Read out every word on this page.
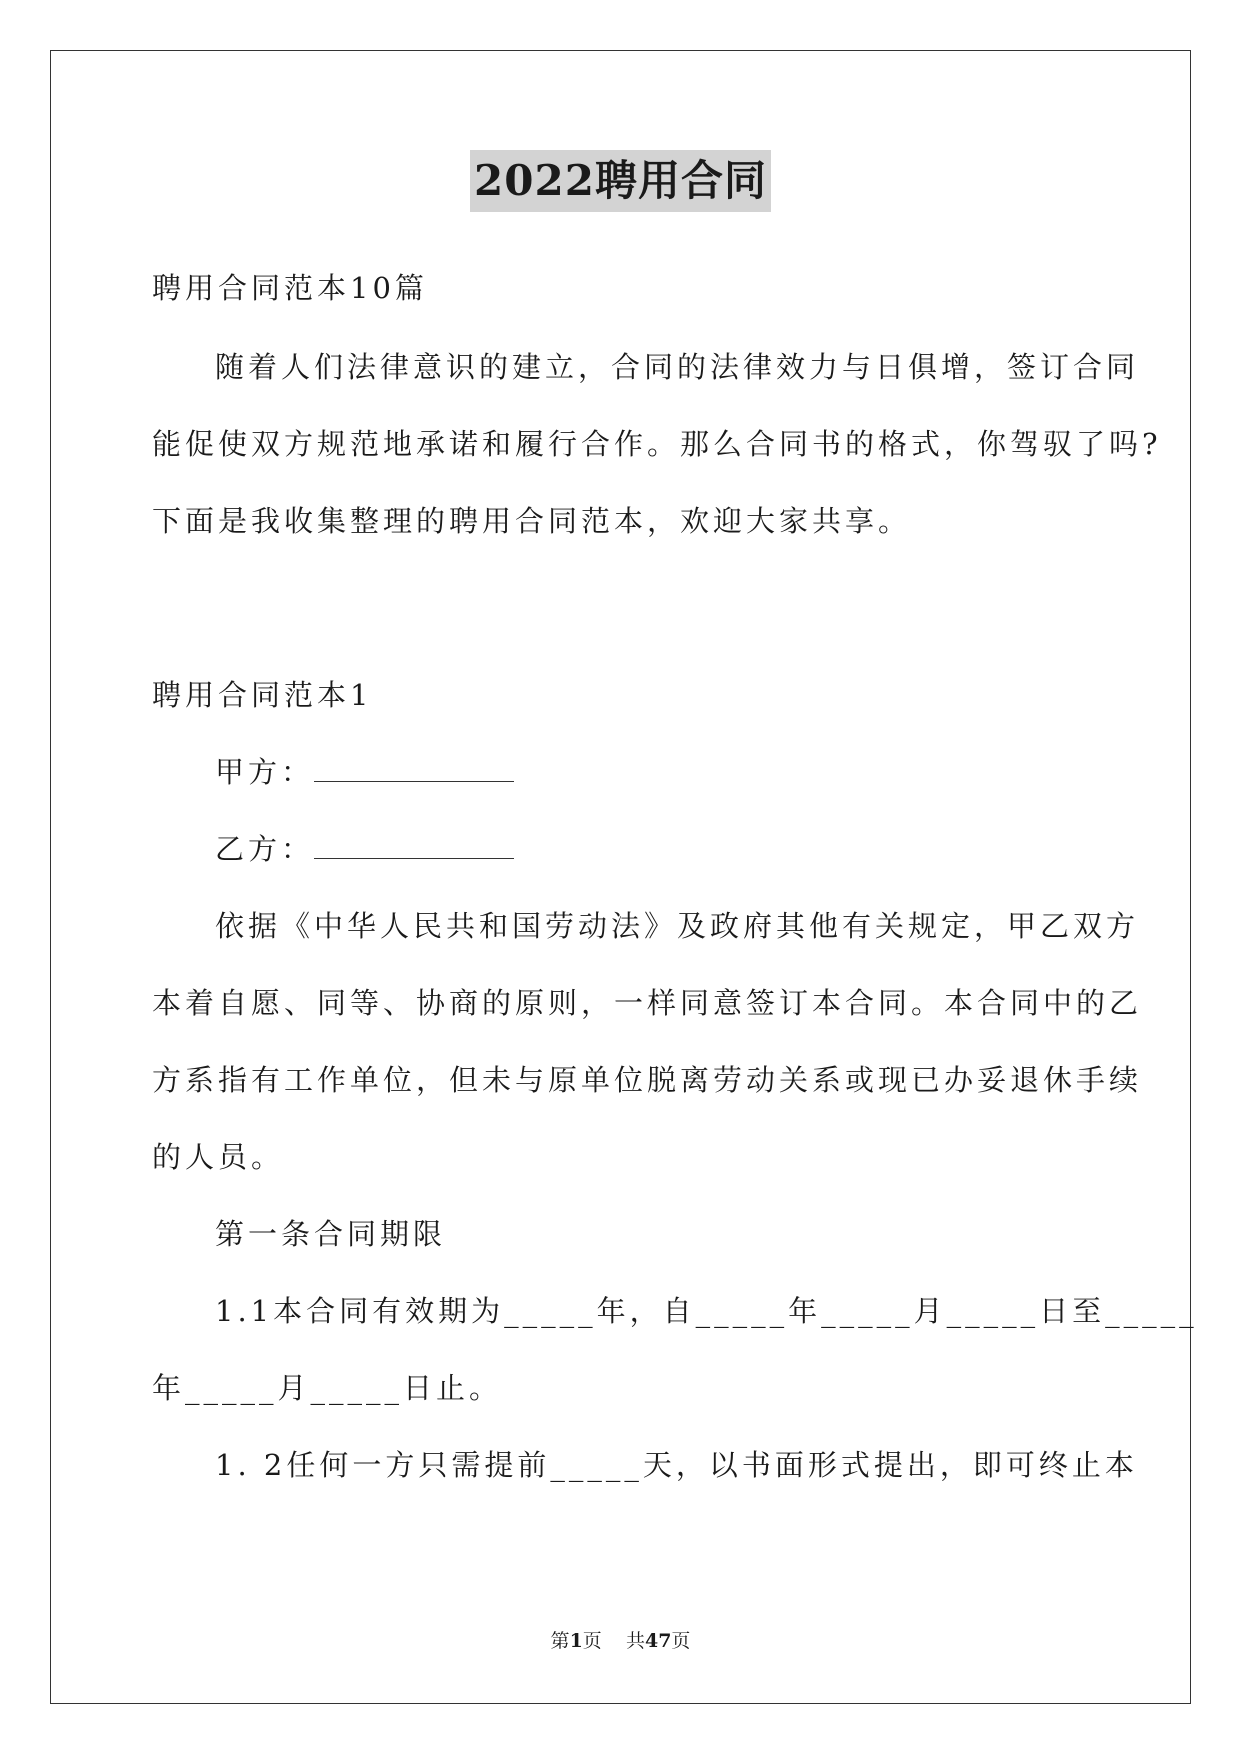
2022聘用合同
聘用合同范本10篇
随着人们法律意识的建立，合同的法律效力与日俱增，签订合同
能促使双方规范地承诺和履行合作。那么合同书的格式，你驾驭了吗?
下面是我收集整理的聘用合同范本，欢迎大家共享。
聘用合同范本1
甲方：
乙方：
依据《中华人民共和国劳动法》及政府其他有关规定，甲乙双方
本着自愿、同等、协商的原则，一样同意签订本合同。本合同中的乙
方系指有工作单位，但未与原单位脱离劳动关系或现已办妥退休手续
的人员。
第一条合同期限
1.1本合同有效期为_____年，自_____年_____月_____日至_____
年_____月_____日止。
1. 2任何一方只需提前_____天，以书面形式提出，即可终止本
第1页    共47页
